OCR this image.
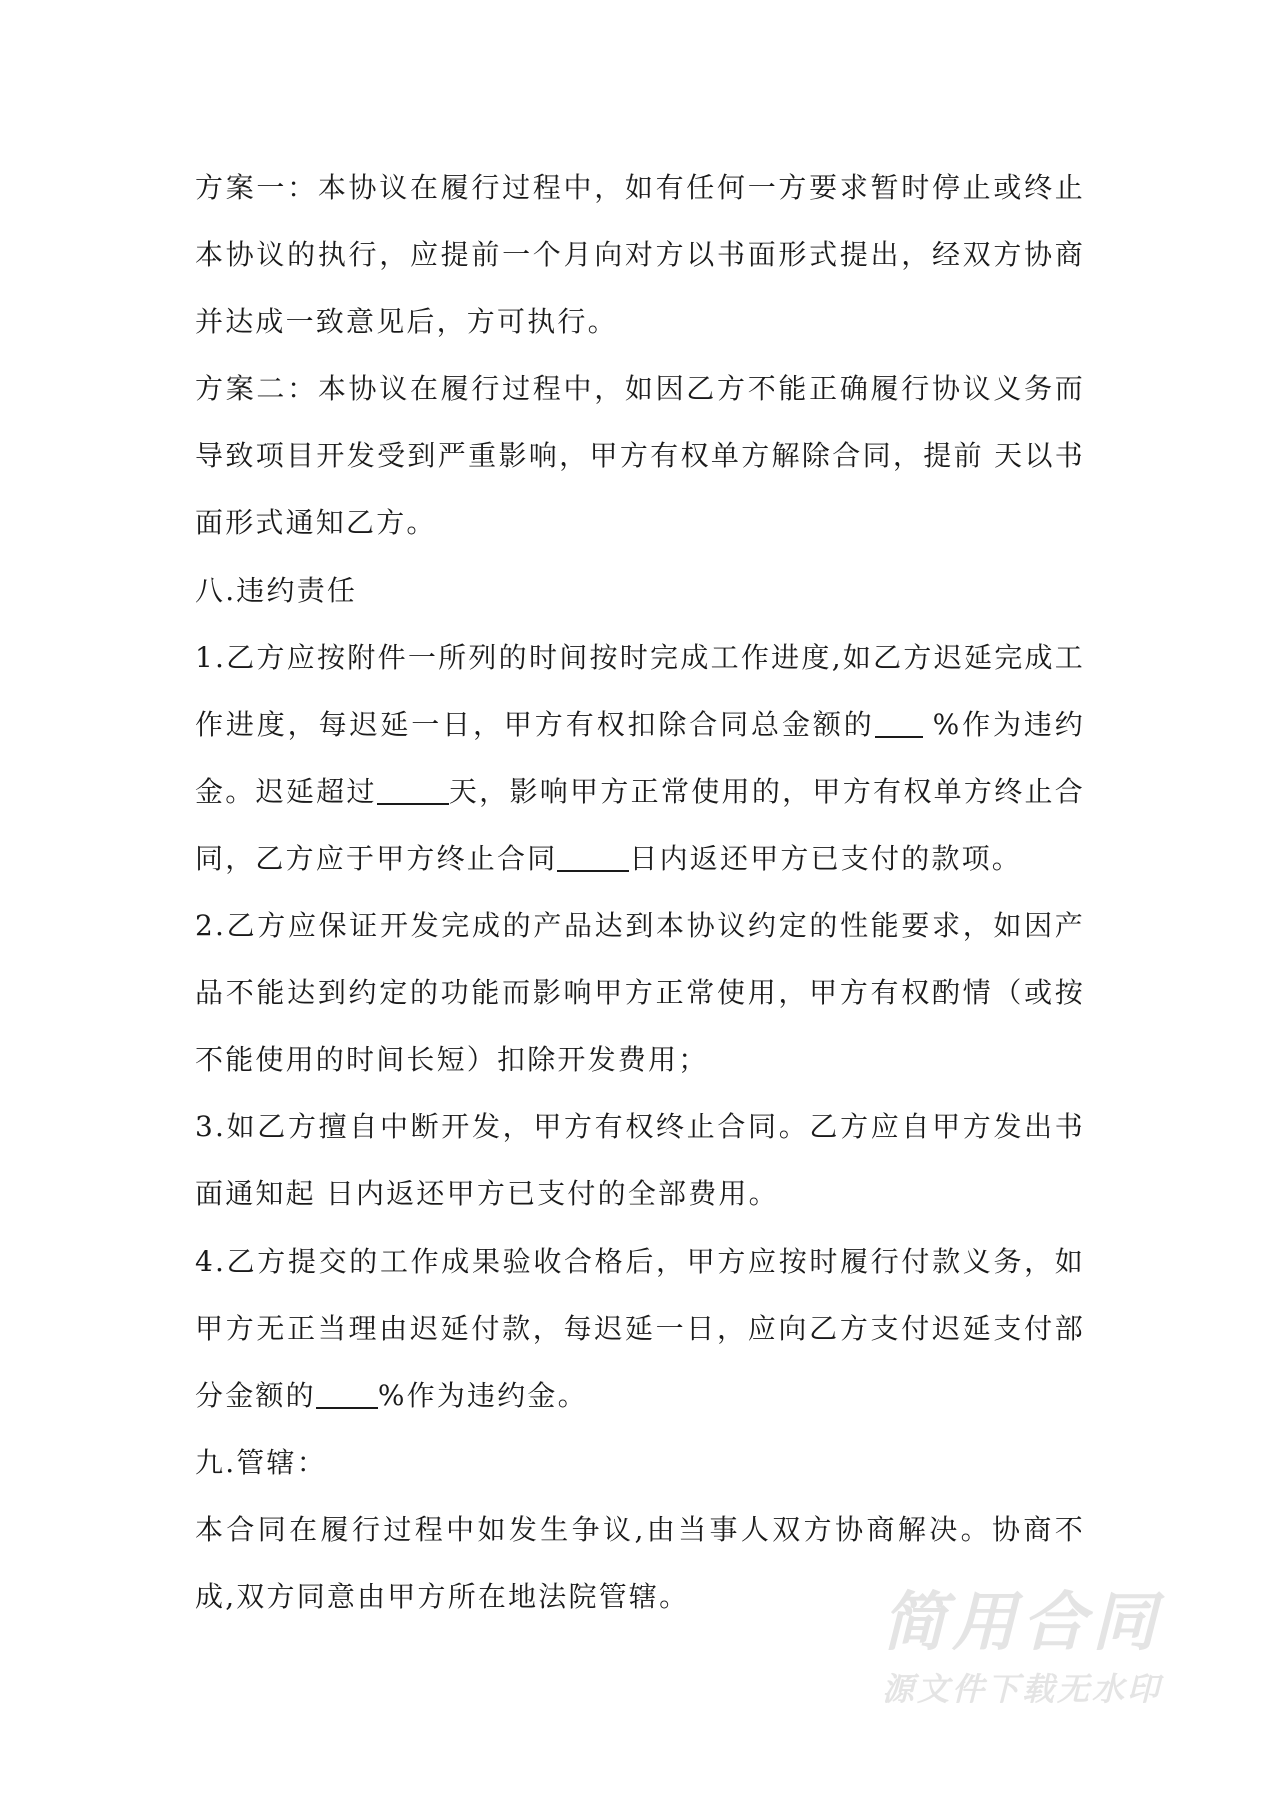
方案一：本协议在履行过程中，如有任何一方要求暂时停止或终止本协议的执行，应提前一个月向对方以书面形式提出，经双方协商并达成一致意见后，方可执行。

方案二：本协议在履行过程中，如因乙方不能正确履行协议义务而导致项目开发受到严重影响，甲方有权单方解除合同，提前 天以书面形式通知乙方。

八.违约责任

1.乙方应按附件一所列的时间按时完成工作进度,如乙方迟延完成工作进度，每迟延一日，甲方有权扣除合同总金额的 %作为违约金。迟延超过	天，影响甲方正常使用的，甲方有权单方终止合同，乙方应于甲方终止合同	日内返还甲方已支付的款项。

2.乙方应保证开发完成的产品达到本协议约定的性能要求，如因产品不能达到约定的功能而影响甲方正常使用，甲方有权酌情（或按不能使用的时间长短）扣除开发费用；

3.如乙方擅自中断开发，甲方有权终止合同。乙方应自甲方发出书面通知起 日内返还甲方已支付的全部费用。

4.乙方提交的工作成果验收合格后，甲方应按时履行付款义务，如甲方无正当理由迟延付款，每迟延一日，应向乙方支付迟延支付部分金额的 %作为违约金。

九.管辖：

本合同在履行过程中如发生争议,由当事人双方协商解决。协商不成,双方同意由甲方所在地法院管辖。	简用合同
源文件下载无水印
